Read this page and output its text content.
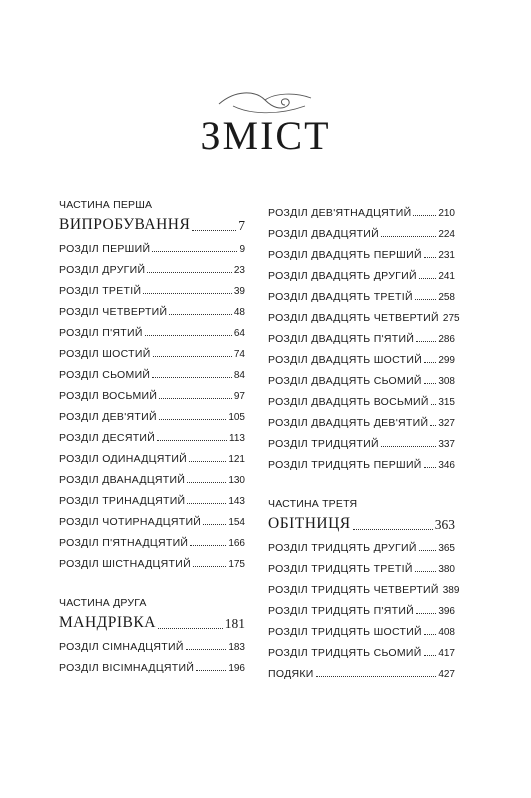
ЗМІСТ
ЧАСТИНА ПЕРША
ВИПРОБУВАННЯ	7
РОЗДІЛ ПЕРШИЙ	9
РОЗДІЛ ДРУГИЙ	23
РОЗДІЛ ТРЕТІЙ	39
РОЗДІЛ ЧЕТВЕРТИЙ	48
РОЗДІЛ П'ЯТИЙ	64
РОЗДІЛ ШОСТИЙ	74
РОЗДІЛ СЬОМИЙ	84
РОЗДІЛ ВОСЬМИЙ	97
РОЗДІЛ ДЕВ'ЯТИЙ	105
РОЗДІЛ ДЕСЯТИЙ	113
РОЗДІЛ ОДИНАДЦЯТИЙ	121
РОЗДІЛ ДВАНАДЦЯТИЙ	130
РОЗДІЛ ТРИНАДЦЯТИЙ	143
РОЗДІЛ ЧОТИРНАДЦЯТИЙ	154
РОЗДІЛ П'ЯТНАДЦЯТИЙ	166
РОЗДІЛ ШІСТНАДЦЯТИЙ	175
ЧАСТИНА ДРУГА
МАНДРІВКА	181
РОЗДІЛ СІМНАДЦЯТИЙ	183
РОЗДІЛ ВІСІМНАДЦЯТИЙ	196
РОЗДІЛ ДЕВ'ЯТНАДЦЯТИЙ	210
РОЗДІЛ ДВАДЦЯТИЙ	224
РОЗДІЛ ДВАДЦЯТЬ ПЕРШИЙ 231
РОЗДІЛ ДВАДЦЯТЬ ДРУГИЙ 241
РОЗДІЛ ДВАДЦЯТЬ ТРЕТІЙ	258
РОЗДІЛ ДВАДЦЯТЬ ЧЕТВЕРТИЙ 275
РОЗДІЛ ДВАДЦЯТЬ П'ЯТИЙ 286
РОЗДІЛ ДВАДЦЯТЬ ШОСТИЙ 299
РОЗДІЛ ДВАДЦЯТЬ СЬОМИЙ 308
РОЗДІЛ ДВАДЦЯТЬ ВОСЬМИЙ 315
РОЗДІЛ ДВАДЦЯТЬ ДЕВ'ЯТИЙ 327
РОЗДІЛ ТРИДЦЯТИЙ	337
РОЗДІЛ ТРИДЦЯТЬ ПЕРШИЙ 346
ЧАСТИНА ТРЕТЯ
ОБІТНИЦЯ	363
РОЗДІЛ ТРИДЦЯТЬ ДРУГИЙ 365
РОЗДІЛ ТРИДЦЯТЬ ТРЕТІЙ	380
РОЗДІЛ ТРИДЦЯТЬ ЧЕТВЕРТИЙ 389
РОЗДІЛ ТРИДЦЯТЬ П'ЯТИЙ 396
РОЗДІЛ ТРИДЦЯТЬ ШОСТИЙ 408
РОЗДІЛ ТРИДЦЯТЬ СЬОМИЙ 417
ПОДЯКИ	427
